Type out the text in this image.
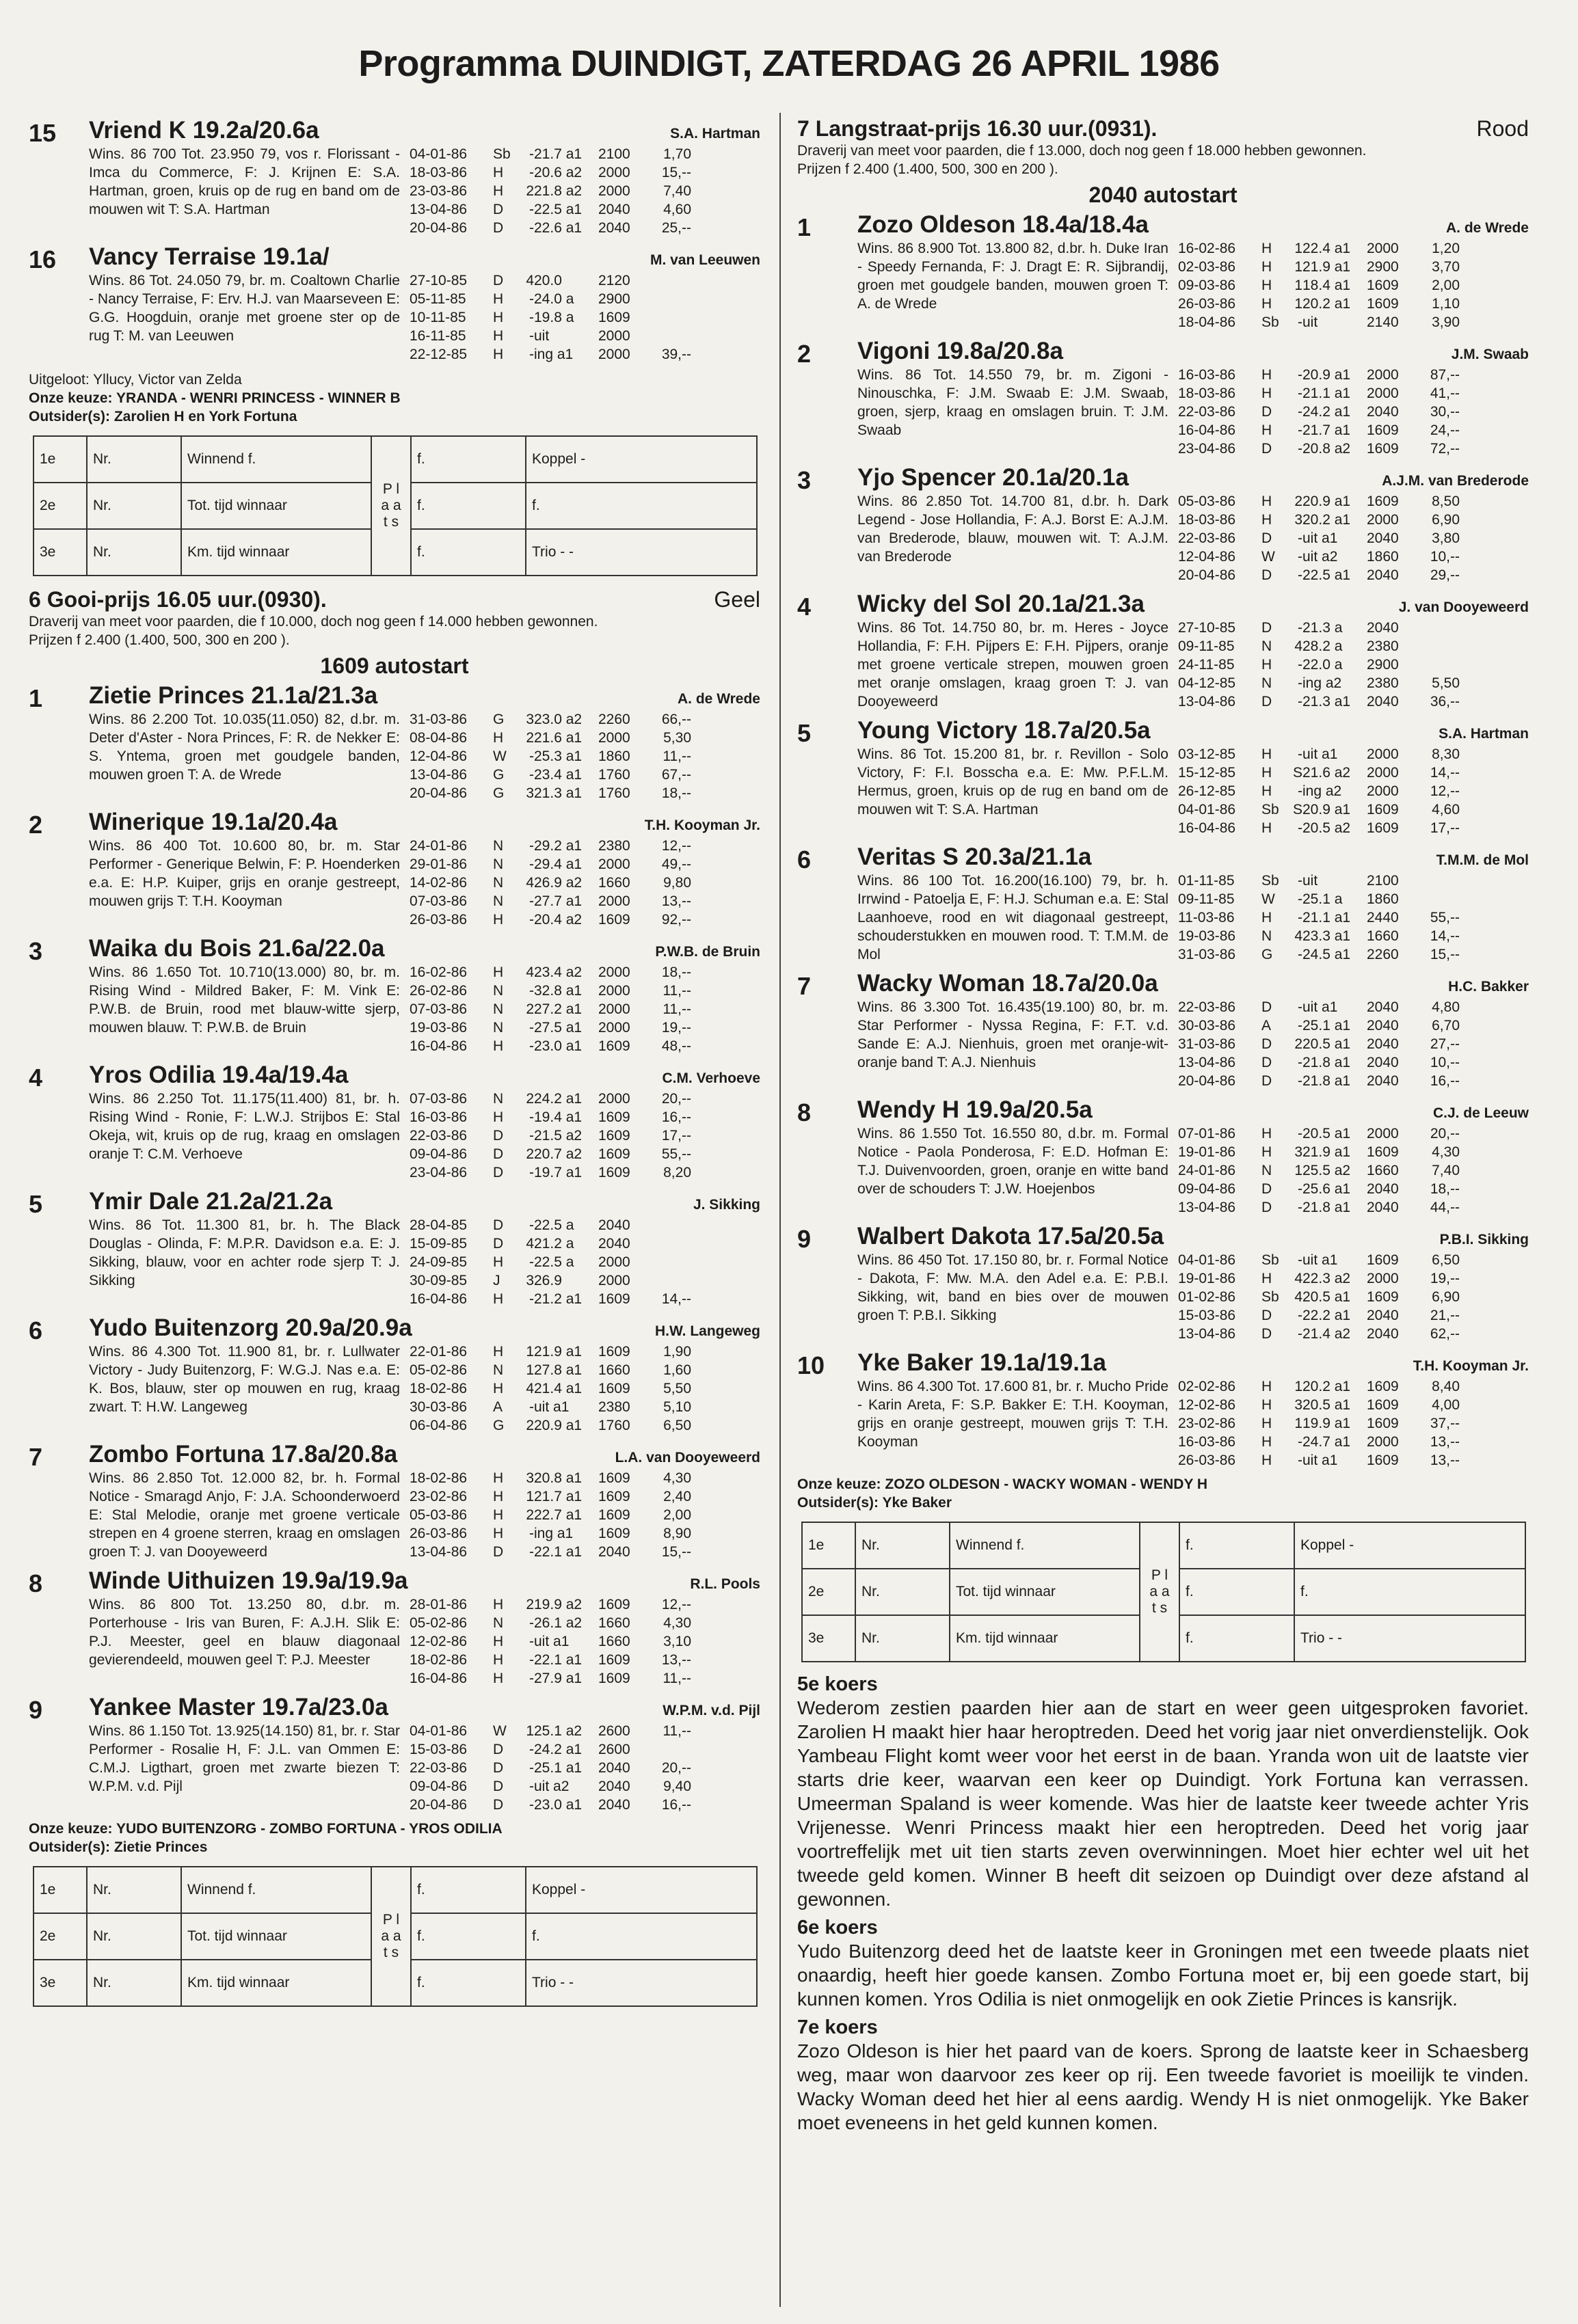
Programma DUINDIGT, ZATERDAG 26 APRIL 1986
15 Vriend K 19.2a/20.6a	S.A. Hartman
Wins. 86 700 Tot. 23.950 79, vos r. Florissant - Imca du Commerce, F: J. Krijnen E: S.A. Hartman, groen, kruis op de rug en band om de mouwen wit T: S.A. Hartman
04-01-86	Sb	- 21.7 a1	2100	1,70
18-03-86	H	- 20.6 a2	2000	15,--
23-03-86	H	2 21.8 a2	2000	7,40
13-04-86	D	- 22.5 a1	2040	4,60
20-04-86	D	- 22.6 a1	2040	25,--
16 Vancy Terraise 19.1a/	M. van Leeuwen
Wins. 86 Tot. 24.050 79, br. m. Coaltown Charlie - Nancy Terraise, F: Erv. H.J. van Maarseveen E: G.G. Hoogduin, oranje met groene ster op de rug T: M. van Leeuwen
27-10-85	D	4 20.0	2120
05-11-85	H	- 24.0 a	2900
10-11-85	H	- 19.8 a	1609
16-11-85	H	- uit	2000
22-12-85	H	- ing a1	2000	39,--
Uitgeloot: Yllucy, Victor van Zelda
Onze keuze: YRANDA - WENRI PRINCESS - WINNER B
Outsider(s): Zarolien H en York Fortuna
1e	Nr.	Winnend f.	P l a a t s	f.	Koppel -
2e	Nr.	Tot. tijd winnaar		f.	f.
3e	Nr.	Km. tijd winnaar		f.	Trio - -
6 Gooi-prijs 16.05 uur.(0930).	Geel
Draverij van meet voor paarden, die f 10.000, doch nog geen f 14.000 hebben gewonnen.
Prijzen f 2.400 (1.400, 500, 300 en 200 ).
1609 autostart
1 Zietie Princes 21.1a/21.3a	A. de Wrede
Wins. 86 2.200 Tot. 10.035(11.050) 82, d.br. m. Deter d'Aster - Nora Princes, F: R. de Nekker E: S. Yntema, groen met goudgele banden, mouwen groen T: A. de Wrede
31-03-86	G	3 23.0 a2	2260	66,--
08-04-86	H	2 21.6 a1	2000	5,30
12-04-86	W	- 25.3 a1	1860	11,--
13-04-86	G	- 23.4 a1	1760	67,--
20-04-86	G	3 21.3 a1	1760	18,--
2 Winerique 19.1a/20.4a	T.H. Kooyman Jr.
Wins. 86 400 Tot. 10.600 80, br. m. Star Performer - Generique Belwin, F: P. Hoenderken e.a. E: H.P. Kuiper, grijs en oranje gestreept, mouwen grijs T: T.H. Kooyman
24-01-86	N	- 29.2 a1	2380	12,--
29-01-86	N	- 29.4 a1	2000	49,--
14-02-86	N	4 26.9 a2	1660	9,80
07-03-86	N	- 27.7 a1	2000	13,--
26-03-86	H	- 20.4 a2	1609	92,--
3 Waika du Bois 21.6a/22.0a	P.W.B. de Bruin
Wins. 86 1.650 Tot. 10.710(13.000) 80, br. m. Rising Wind - Mildred Baker, F: M. Vink E: P.W.B. de Bruin, rood met blauw-witte sjerp, mouwen blauw. T: P.W.B. de Bruin
16-02-86	H	4 23.4 a2	2000	18,--
26-02-86	N	- 32.8 a1	2000	11,--
07-03-86	N	2 27.2 a1	2000	11,--
19-03-86	N	- 27.5 a1	2000	19,--
16-04-86	H	- 23.0 a1	1609	48,--
4 Yros Odilia 19.4a/19.4a	C.M. Verhoeve
Wins. 86 2.250 Tot. 11.175(11.400) 81, br. h. Rising Wind - Ronie, F: L.W.J. Strijbos E: Stal Okeja, wit, kruis op de rug, kraag en omslagen oranje T: C.M. Verhoeve
07-03-86	N	2 24.2 a1	2000	20,--
16-03-86	H	- 19.4 a1	1609	16,--
22-03-86	D	- 21.5 a2	1609	17,--
09-04-86	D	2 20.7 a2	1609	55,--
23-04-86	D	- 19.7 a1	1609	8,20
5 Ymir Dale 21.2a/21.2a	J. Sikking
Wins. 86 Tot. 11.300 81, br. h. The Black Douglas - Olinda, F: M.P.R. Davidson e.a. E: J. Sikking, blauw, voor en achter rode sjerp T: J. Sikking
28-04-85	D	- 22.5 a	2040
15-09-85	D	4 21.2 a	2040
24-09-85	H	- 22.5 a	2000
30-09-85	J	3 26.9	2000
16-04-86	H	- 21.2 a1	1609	14,--
6 Yudo Buitenzorg 20.9a/20.9a	H.W. Langeweg
Wins. 86 4.300 Tot. 11.900 81, br. r. Lullwater Victory - Judy Buitenzorg, F: W.G.J. Nas e.a. E: K. Bos, blauw, ster op mouwen en rug, kraag zwart. T: H.W. Langeweg
22-01-86	H	1 21.9 a1	1609	1,90
05-02-86	N	1 27.8 a1	1660	1,60
18-02-86	H	4 21.4 a1	1609	5,50
30-03-86	A	- uit a1	2380	5,10
06-04-86	G	2 20.9 a1	1760	6,50
7 Zombo Fortuna 17.8a/20.8a	L.A. van Dooyeweerd
Wins. 86 2.850 Tot. 12.000 82, br. h. Formal Notice - Smaragd Anjo, F: J.A. Schoonderwoerd E: Stal Melodie, oranje met groene verticale strepen en 4 groene sterren, kraag en omslagen groen T: J. van Dooyeweerd
18-02-86	H	3 20.8 a1	1609	4,30
23-02-86	H	1 21.7 a1	1609	2,40
05-03-86	H	2 22.7 a1	1609	2,00
26-03-86	H	- ing a1	1609	8,90
13-04-86	D	- 22.1 a1	2040	15,--
8 Winde Uithuizen 19.9a/19.9a	R.L. Pools
Wins. 86 800 Tot. 13.250 80, d.br. m. Porterhouse - Iris van Buren, F: A.J.H. Slik E: P.J. Meester, geel en blauw diagonaal gevierendeeld, mouwen geel T: P.J. Meester
28-01-86	H	2 19.9 a2	1609	12,--
05-02-86	N	- 26.1 a2	1660	4,30
12-02-86	H	- uit a1	1660	3,10
18-02-86	H	- 22.1 a1	1609	13,--
16-04-86	H	- 27.9 a1	1609	11,--
9 Yankee Master 19.7a/23.0a	W.P.M. v.d. Pijl
Wins. 86 1.150 Tot. 13.925(14.150) 81, br. r. Star Performer - Rosalie H, F: J.L. van Ommen E: C.M.J. Ligthart, groen met zwarte biezen T: W.P.M. v.d. Pijl
04-01-86	W	1 25.1 a2	2600	11,--
15-03-86	D	- 24.2 a1	2600
22-03-86	D	- 25.1 a1	2040	20,--
09-04-86	D	- uit a2	2040	9,40
20-04-86	D	- 23.0 a1	2040	16,--
Onze keuze: YUDO BUITENZORG - ZOMBO FORTUNA - YROS ODILIA
Outsider(s): Zietie Princes
1e	Nr.	Winnend f.	P l a a t s	f.	Koppel -
2e	Nr.	Tot. tijd winnaar		f.	f.
3e	Nr.	Km. tijd winnaar		f.	Trio - -
7 Langstraat-prijs 16.30 uur.(0931).	Rood
Draverij van meet voor paarden, die f 13.000, doch nog geen f 18.000 hebben gewonnen.
Prijzen f 2.400 (1.400, 500, 300 en 200 ).
2040 autostart
1 Zozo Oldeson 18.4a/18.4a	A. de Wrede
Wins. 86 8.900 Tot. 13.800 82, d.br. h. Duke Iran - Speedy Fernanda, F: J. Dragt E: R. Sijbrandij, groen met goudgele banden, mouwen groen T: A. de Wrede
16-02-86	H	1 22.4 a1	2000	1,20
02-03-86	H	1 21.9 a1	2900	3,70
09-03-86	H	1 18.4 a1	1609	2,00
26-03-86	H	1 20.2 a1	1609	1,10
18-04-86	Sb	- uit	2140	3,90
2 Vigoni 19.8a/20.8a	J.M. Swaab
Wins. 86 Tot. 14.550 79, br. m. Zigoni - Ninouschka, F: J.M. Swaab E: J.M. Swaab, groen, sjerp, kraag en omslagen bruin. T: J.M. Swaab
16-03-86	H	- 20.9 a1	2000	87,--
18-03-86	H	- 21.1 a1	2000	41,--
22-03-86	D	- 24.2 a1	2040	30,--
16-04-86	H	- 21.7 a1	1609	24,--
23-04-86	D	- 20.8 a2	1609	72,--
3 Yjo Spencer 20.1a/20.1a	A.J.M. van Brederode
Wins. 86 2.850 Tot. 14.700 81, d.br. h. Dark Legend - Jose Hollandia, F: A.J. Borst E: A.J.M. van Brederode, blauw, mouwen wit. T: A.J.M. van Brederode
05-03-86	H	2 20.9 a1	1609	8,50
18-03-86	H	3 20.2 a1	2000	6,90
22-03-86	D	- uit a1	2040	3,80
12-04-86	W	- uit a2	1860	10,--
20-04-86	D	- 22.5 a1	2040	29,--
4 Wicky del Sol 20.1a/21.3a	J. van Dooyeweerd
Wins. 86 Tot. 14.750 80, br. m. Heres - Joyce Hollandia, F: F.H. Pijpers E: F.H. Pijpers, oranje met groene verticale strepen, mouwen groen met oranje omslagen, kraag groen T: J. van Dooyeweerd
27-10-85	D	- 21.3 a	2040
09-11-85	N	4 28.2 a	2380
24-11-85	H	- 22.0 a	2900
04-12-85	N	- ing a2	2380	5,50
13-04-86	D	- 21.3 a1	2040	36,--
5 Young Victory 18.7a/20.5a	S.A. Hartman
Wins. 86 Tot. 15.200 81, br. r. Revillon - Solo Victory, F: F.I. Bosscha e.a. E: Mw. P.F.L.M. Hermus, groen, kruis op de rug en band om de mouwen wit T: S.A. Hartman
03-12-85	H	- uit a1	2000	8,30
15-12-85	H	S 21.6 a2	2000	14,--
26-12-85	H	- ing a2	2000	12,--
04-01-86	Sb S 20.9 a1	1609	4,60
16-04-86	H	- 20.5 a2	1609	17,--
6 Veritas S 20.3a/21.1a	T.M.M. de Mol
Wins. 86 100 Tot. 16.200(16.100) 79, br. h. Irrwind - Patoelja E, F: H.J. Schuman e.a. E: Stal Laanhoeve, rood en wit diagonaal gestreept, schouderstukken en mouwen rood. T: T.M.M. de Mol
01-11-85	Sb	- uit	2100
09-11-85	W	- 25.1 a	1860
11-03-86	H	- 21.1 a1	2440	55,--
19-03-86	N	4 23.3 a1	1660	14,--
31-03-86	G	- 24.5 a1	2260	15,--
7 Wacky Woman 18.7a/20.0a	H.C. Bakker
Wins. 86 3.300 Tot. 16.435(19.100) 80, br. m. Star Performer - Nyssa Regina, F: F.T. v.d. Sande E: A.J. Nienhuis, groen met oranje-wit-oranje band T: A.J. Nienhuis
22-03-86	D	- uit a1	2040	4,80
30-03-86	A	- 25.1 a1	2040	6,70
31-03-86	D	2 20.5 a1	2040	27,--
13-04-86	D	- 21.8 a1	2040	10,--
20-04-86	D	- 21.8 a1	2040	16,--
8 Wendy H 19.9a/20.5a	C.J. de Leeuw
Wins. 86 1.550 Tot. 16.550 80, d.br. m. Formal Notice - Paola Ponderosa, F: E.D. Hofman E: T.J. Duivenvoorden, groen, oranje en witte band over de schouders T: J.W. Hoejenbos
07-01-86	H	- 20.5 a1	2000	20,--
19-01-86	H	3 21.9 a1	1609	4,30
24-01-86	N	1 25.5 a2	1660	7,40
09-04-86	D	- 25.6 a1	2040	18,--
13-04-86	D	- 21.8 a1	2040	44,--
9 Walbert Dakota 17.5a/20.5a	P.B.I. Sikking
Wins. 86 450 Tot. 17.150 80, br. r. Formal Notice - Dakota, F: Mw. M.A. den Adel e.a. E: P.B.I. Sikking, wit, band en bies over de mouwen groen T: P.B.I. Sikking
04-01-86	Sb	- uit a1	1609	6,50
19-01-86	H	4 22.3 a2	2000	19,--
01-02-86	Sb	4 20.5 a1	1609	6,90
15-03-86	D	- 22.2 a1	2040	21,--
13-04-86	D	- 21.4 a2	2040	62,--
10 Yke Baker 19.1a/19.1a	T.H. Kooyman Jr.
Wins. 86 4.300 Tot. 17.600 81, br. r. Mucho Pride - Karin Areta, F: S.P. Bakker E: T.H. Kooyman, grijs en oranje gestreept, mouwen grijs T: T.H. Kooyman
02-02-86	H	1 20.2 a1	1609	8,40
12-02-86	H	3 20.5 a1	1609	4,00
23-02-86	H	1 19.9 a1	1609	37,--
16-03-86	H	- 24.7 a1	2000	13,--
26-03-86	H	- uit a1	1609	13,--
Onze keuze: ZOZO OLDESON - WACKY WOMAN - WENDY H
Outsider(s): Yke Baker
1e	Nr.	Winnend f.	P l a a t s	f.	Koppel -
2e	Nr.	Tot. tijd winnaar		f.	f.
3e	Nr.	Km. tijd winnaar		f.	Trio - -
5e koers

Wederom zestien paarden hier aan de start en weer geen uitgesproken favoriet. Zarolien H maakt hier haar heroptreden. Deed het vorig jaar niet onverdienstelijk. Ook Yambeau Flight komt weer voor het eerst in de baan. Yranda won uit de laatste vier starts drie keer, waarvan een keer op Duindigt. York Fortuna kan verrassen. Umeerman Spaland is weer komende. Was hier de laatste keer tweede achter Yris Vrijenesse. Wenri Princess maakt hier een heroptreden. Deed het vorig jaar voortreffelijk met uit tien starts zeven overwinningen. Moet hier echter wel uit het tweede geld komen. Winner B heeft dit seizoen op Duindigt over deze afstand al gewonnen.

6e koers

Yudo Buitenzorg deed het de laatste keer in Groningen met een tweede plaats niet onaardig, heeft hier goede kansen. Zombo Fortuna moet er, bij een goede start, bij kunnen komen. Yros Odilia is niet onmogelijk en ook Zietie Princes is kansrijk.

7e koers

Zozo Oldeson is hier het paard van de koers. Sprong de laatste keer in Schaesberg weg, maar won daarvoor zes keer op rij. Een tweede favoriet is moeilijk te vinden. Wacky Woman deed het hier al eens aardig. Wendy H is niet onmogelijk. Yke Baker moet eveneens in het geld kunnen komen.
